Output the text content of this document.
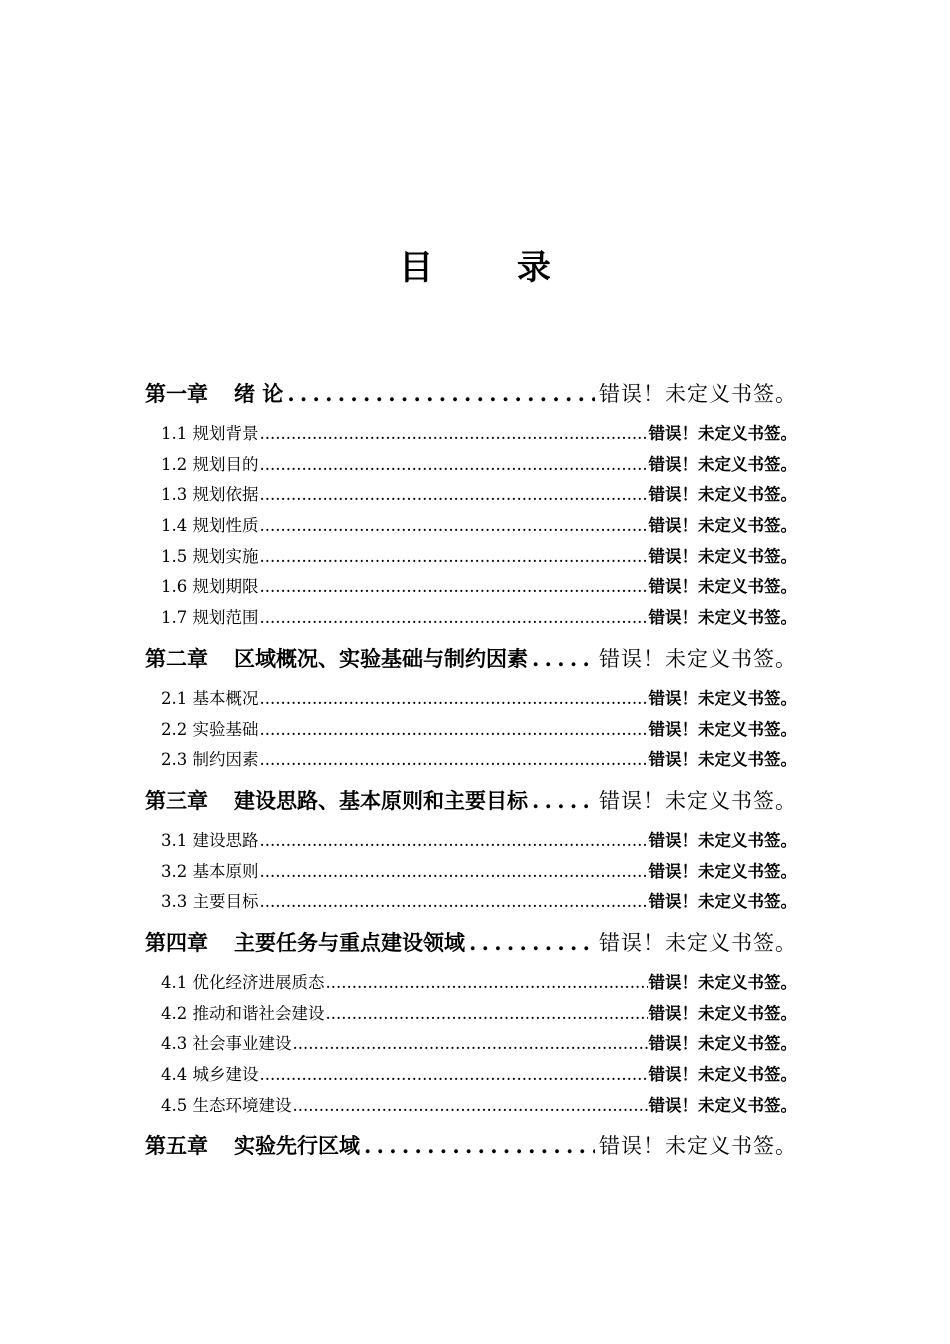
目 录
第一章 绪 论 . . .	错误！未定义书签。
1.1 规划背景 .....	错误！未定义书签。
1.2 规划目的 .....	错误！未定义书签。
1.3 规划依据 .....	错误！未定义书签。
1.4 规划性质 .....	错误！未定义书签。
1.5 规划实施 .....	错误！未定义书签。
1.6 规划期限 .....	错误！未定义书签。
1.7 规划范围 .....	错误！未定义书签。
第二章 区域概况、实验基础与制约因素 . . .	错误！未定义书签。
2.1 基本概况 .....	错误！未定义书签。
2.2 实验基础 .....	错误！未定义书签。
2.3 制约因素 .....	错误！未定义书签。
第三章 建设思路、基本原则和主要目标 . . .	错误！未定义书签。
3.1 建设思路 .....	错误！未定义书签。
3.2 基本原则 .....	错误！未定义书签。
3.3 主要目标 .....	错误！未定义书签。
第四章 主要任务与重点建设领域 . . .	错误！未定义书签。
4.1 优化经济进展质态 .....	错误！未定义书签。
4.2 推动和谐社会建设 .....	错误！未定义书签。
4.3 社会事业建设 .....	错误！未定义书签。
4.4 城乡建设 .....	错误！未定义书签。
4.5 生态环境建设 .....	错误！未定义书签。
第五章 实验先行区域 . . .	错误！未定义书签。
